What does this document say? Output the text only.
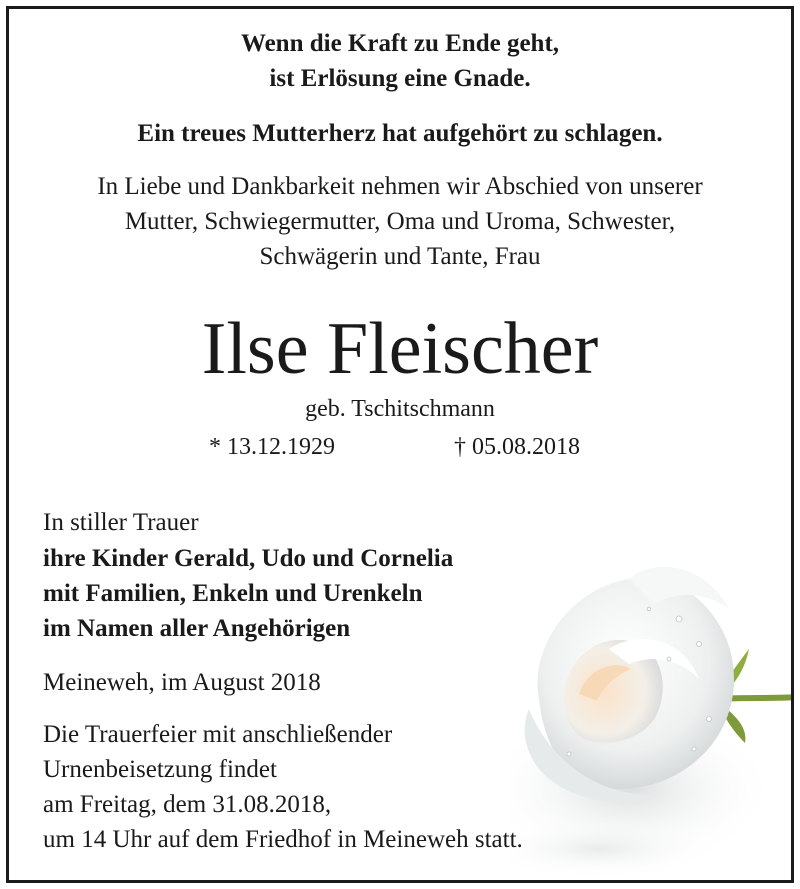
Wenn die Kraft zu Ende geht,
ist Erlösung eine Gnade.
Ein treues Mutterherz hat aufgehört zu schlagen.
In Liebe und Dankbarkeit nehmen wir Abschied von unserer
Mutter, Schwiegermutter, Oma und Uroma, Schwester,
Schwägerin und Tante, Frau
Ilse Fleischer
geb. Tschitschmann
* 13.12.1929	† 05.08.2018
In stiller Trauer
ihre Kinder Gerald, Udo und Cornelia
mit Familien, Enkeln und Urenkeln
im Namen aller Angehörigen
Meineweh, im August 2018
Die Trauerfeier mit anschließender
Urnenbeisetzung findet
am Freitag, dem 31.08.2018,
um 14 Uhr auf dem Friedhof in Meineweh statt.
